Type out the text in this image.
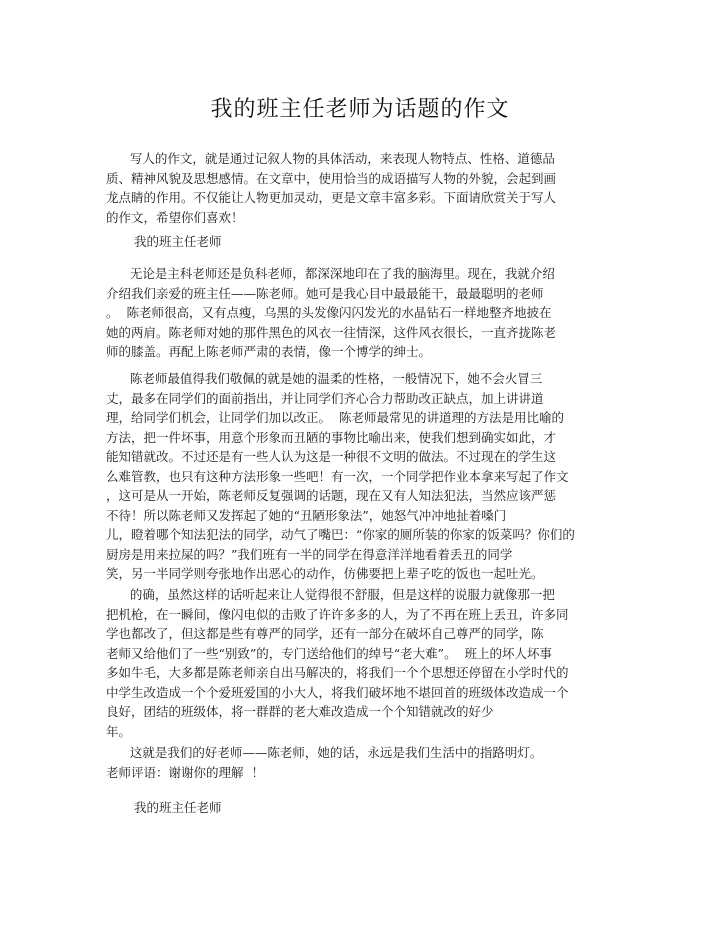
我的班主任老师为话题的作文
写人的作文，就是通过记叙人物的具体活动，来表现人物特点、性格、道德品
质、精神风貌及思想感情。在文章中，使用恰当的成语描写人物的外貌，会起到画
龙点睛的作用。不仅能让人物更加灵动，更是文章丰富多彩。下面请欣赏关于写人
的作文，希望你们喜欢！
我的班主任老师
无论是主科老师还是负科老师，都深深地印在了我的脑海里。现在，我就介绍
介绍我们亲爱的班主任——陈老师。她可是我心目中最最能干，最最聪明的老师
。  陈老师很高，又有点瘦，乌黑的头发像闪闪发光的水晶钻石一样地整齐地披在
她的两肩。陈老师对她的那件黑色的风衣一往情深，这件风衣很长，一直齐拢陈老
师的膝盖。再配上陈老师严肃的表情，像一个博学的绅士。
陈老师最值得我们敬佩的就是她的温柔的性格，一般情况下，她不会火冒三
丈，最多在同学们的面前指出，并让同学们齐心合力帮助改正缺点，加上讲讲道
理，给同学们机会，让同学们加以改正。  陈老师最常见的讲道理的方法是用比喻的
方法，把一件坏事，用意个形象而丑陋的事物比喻出来，使我们想到确实如此，才
能知错就改。不过还是有一些人认为这是一种很不文明的做法。不过现在的学生这
么难管教，也只有这种方法形象一些吧！有一次，一个同学把作业本拿来写起了作文
，这可是从一开始，陈老师反复强调的话题，现在又有人知法犯法，当然应该严惩
不待！所以陈老师又发挥起了她的“丑陋形象法”，她怒气冲冲地扯着嗓门
儿，瞪着哪个知法犯法的同学，动气了嘴巴：“你家的厕所装的你家的饭菜吗？你们的
厨房是用来拉屎的吗？”我们班有一半的同学在得意洋洋地看着丢丑的同学
笑，另一半同学则夸张地作出恶心的动作，仿佛要把上辈子吃的饭也一起吐光。
的确，虽然这样的话听起来让人觉得很不舒服，但是这样的说服力就像那一把
把机枪，在一瞬间，像闪电似的击败了许许多多的人，为了不再在班上丢丑，许多同
学也都改了，但这都是些有尊严的同学，还有一部分在破坏自己尊严的同学，陈
老师又给他们了一些“别致”的，专门送给他们的绰号“老大难”。  班上的坏人坏事
多如牛毛，大多都是陈老师亲自出马解决的，将我们一个个思想还停留在小学时代的
中学生改造成一个个爱班爱国的小大人，将我们破坏地不堪回首的班级体改造成一个
良好，团结的班级体，将一群群的老大难改造成一个个知错就改的好少
年。
这就是我们的好老师——陈老师，她的话，永远是我们生活中的指路明灯。
老师评语：谢谢你的理解  ！
我的班主任老师
